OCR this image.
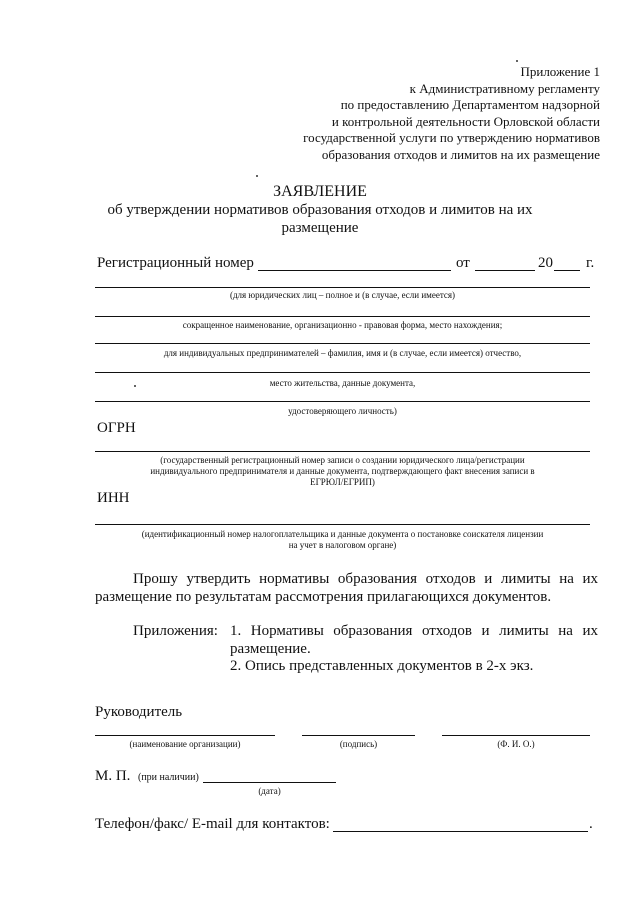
Приложение 1
к Административному регламенту
по предоставлению Департаментом надзорной
и контрольной деятельности Орловской области
государственной услуги по утверждению нормативов
образования отходов и лимитов на их размещение
ЗАЯВЛЕНИЕ
об утверждении нормативов образования отходов и лимитов на их
размещение
Регистрационный номер	от	20 г.
(для юридических лиц – полное и (в случае, если имеется)
сокращенное наименование, организационно - правовая форма, место нахождения;
для индивидуальных предпринимателей – фамилия, имя и (в случае, если имеется) отчество,
место жительства, данные документа,
удостоверяющего личность)
ОГРН
(государственный регистрационный номер записи о создании юридического лица/регистрации
индивидуального предпринимателя и данные документа, подтверждающего факт внесения записи в
ЕГРЮЛ/ЕГРИП)
ИНН
(идентификационный номер налогоплательщика и данные документа о постановке соискателя лицензии
на учет в налоговом органе)
Прошу утвердить нормативы образования отходов и лимиты на их
размещение по результатам рассмотрения прилагающихся документов.
Приложения: 1. Нормативы образования отходов и лимиты на их
размещение.
2. Опись представленных документов в 2-х экз.
Руководитель
(наименование организации)	(подпись)	(Ф. И. О.)
М. П. (при наличии)
(дата)
Телефон/факс/ E-mail для контактов:	.
